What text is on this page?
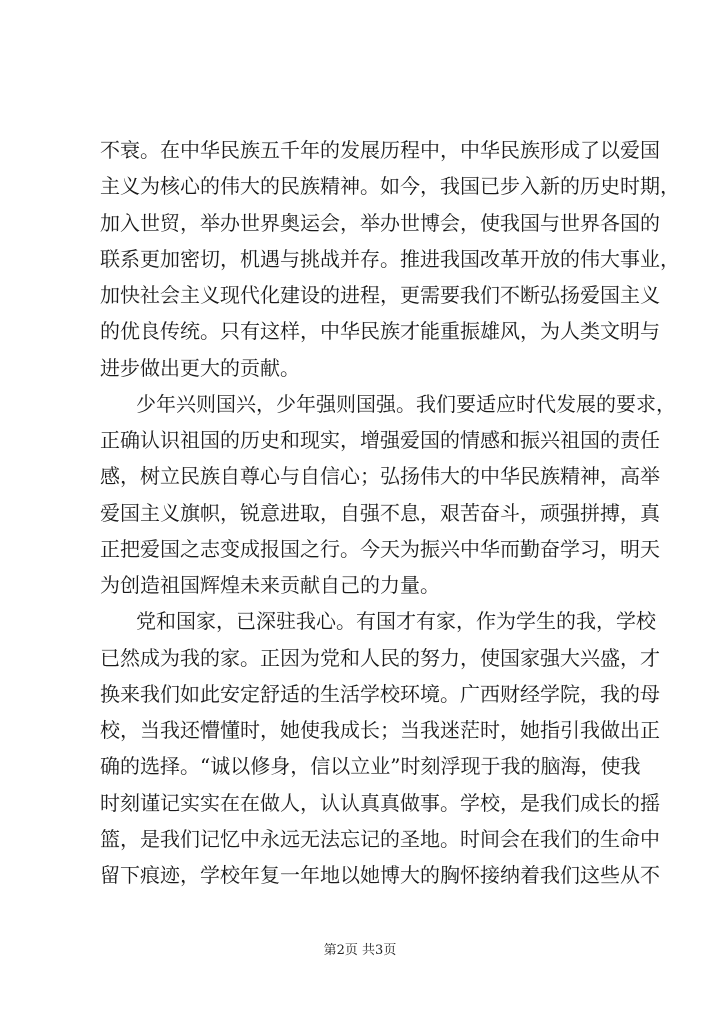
不衰。在中华民族五千年的发展历程中，中华民族形成了以爱国
主义为核心的伟大的民族精神。如今，我国已步入新的历史时期，
加入世贸，举办世界奥运会，举办世博会，使我国与世界各国的
联系更加密切，机遇与挑战并存。推进我国改革开放的伟大事业，
加快社会主义现代化建设的进程，更需要我们不断弘扬爱国主义
的优良传统。只有这样，中华民族才能重振雄风，为人类文明与
进步做出更大的贡献。
少年兴则国兴，少年强则国强。我们要适应时代发展的要求，
正确认识祖国的历史和现实，增强爱国的情感和振兴祖国的责任
感，树立民族自尊心与自信心；弘扬伟大的中华民族精神，高举
爱国主义旗帜，锐意进取，自强不息，艰苦奋斗，顽强拼搏，真
正把爱国之志变成报国之行。今天为振兴中华而勤奋学习，明天
为创造祖国辉煌未来贡献自己的力量。
党和国家，已深驻我心。有国才有家，作为学生的我，学校
已然成为我的家。正因为党和人民的努力，使国家强大兴盛，才
换来我们如此安定舒适的生活学校环境。广西财经学院，我的母
校，当我还懵懂时，她使我成长；当我迷茫时，她指引我做出正
确的选择。“诚以修身，信以立业”时刻浮现于我的脑海，使我
时刻谨记实实在在做人，认认真真做事。学校，是我们成长的摇
篮，是我们记忆中永远无法忘记的圣地。时间会在我们的生命中
留下痕迹，学校年复一年地以她博大的胸怀接纳着我们这些从不
第2页 共3页
